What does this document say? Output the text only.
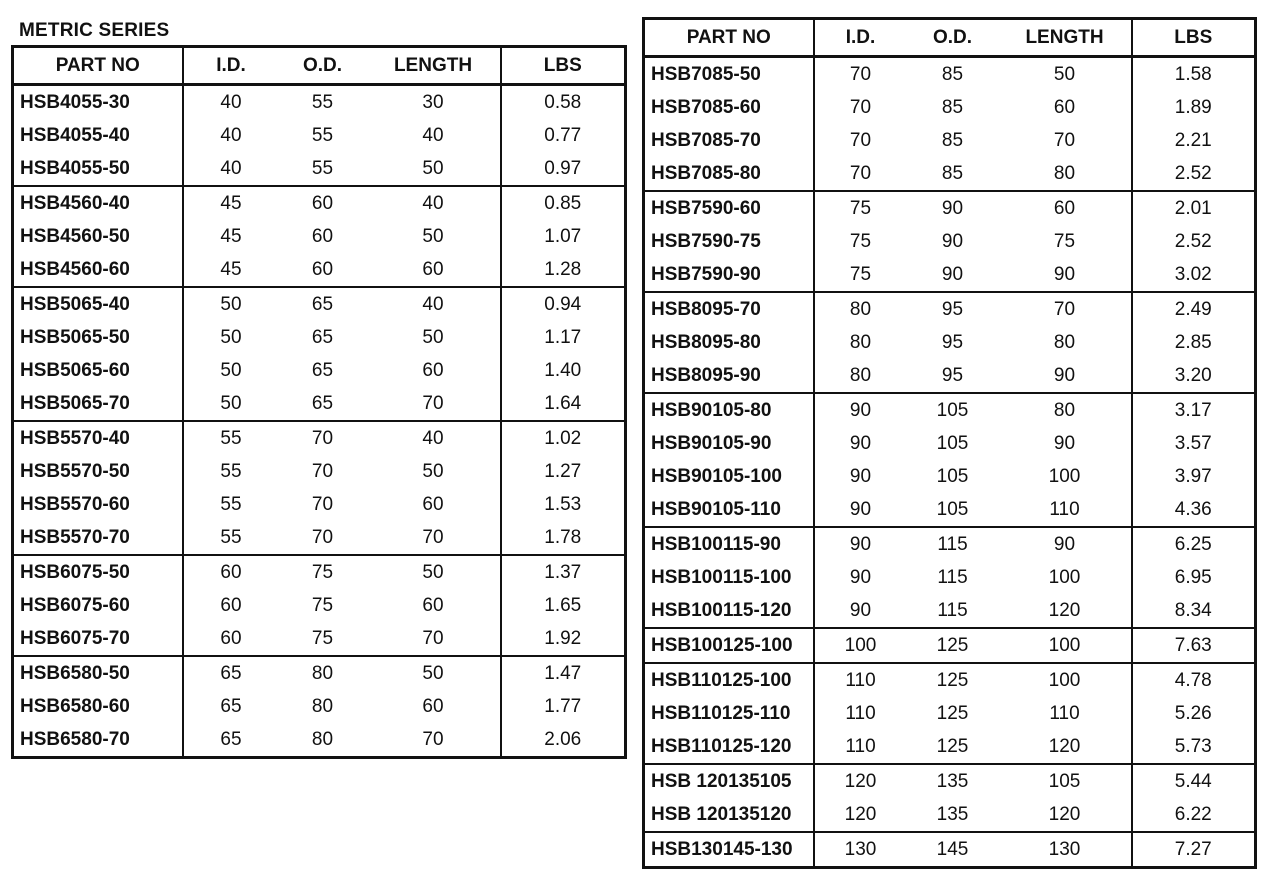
METRIC SERIES
PART NO	I.D.	O.D.	LENGTH	LBS
HSB4055-30	40	55	30	0.58
HSB4055-40	40	55	40	0.77
HSB4055-50	40	55	50	0.97
HSB4560-40	45	60	40	0.85
HSB4560-50	45	60	50	1.07
HSB4560-60	45	60	60	1.28
HSB5065-40	50	65	40	0.94
HSB5065-50	50	65	50	1.17
HSB5065-60	50	65	60	1.40
HSB5065-70	50	65	70	1.64
HSB5570-40	55	70	40	1.02
HSB5570-50	55	70	50	1.27
HSB5570-60	55	70	60	1.53
HSB5570-70	55	70	70	1.78
HSB6075-50	60	75	50	1.37
HSB6075-60	60	75	60	1.65
HSB6075-70	60	75	70	1.92
HSB6580-50	65	80	50	1.47
HSB6580-60	65	80	60	1.77
HSB6580-70	65	80	70	2.06
PART NO	I.D.	O.D.	LENGTH	LBS
HSB7085-50	70	85	50	1.58
HSB7085-60	70	85	60	1.89
HSB7085-70	70	85	70	2.21
HSB7085-80	70	85	80	2.52
HSB7590-60	75	90	60	2.01
HSB7590-75	75	90	75	2.52
HSB7590-90	75	90	90	3.02
HSB8095-70	80	95	70	2.49
HSB8095-80	80	95	80	2.85
HSB8095-90	80	95	90	3.20
HSB90105-80	90	105	80	3.17
HSB90105-90	90	105	90	3.57
HSB90105-100	90	105	100	3.97
HSB90105-110	90	105	110	4.36
HSB100115-90	90	115	90	6.25
HSB100115-100	90	115	100	6.95
HSB100115-120	90	115	120	8.34
HSB100125-100	100	125	100	7.63
HSB110125-100	110	125	100	4.78
HSB110125-110	110	125	110	5.26
HSB110125-120	110	125	120	5.73
HSB 120135105	120	135	105	5.44
HSB 120135120	120	135	120	6.22
HSB130145-130	130	145	130	7.27
